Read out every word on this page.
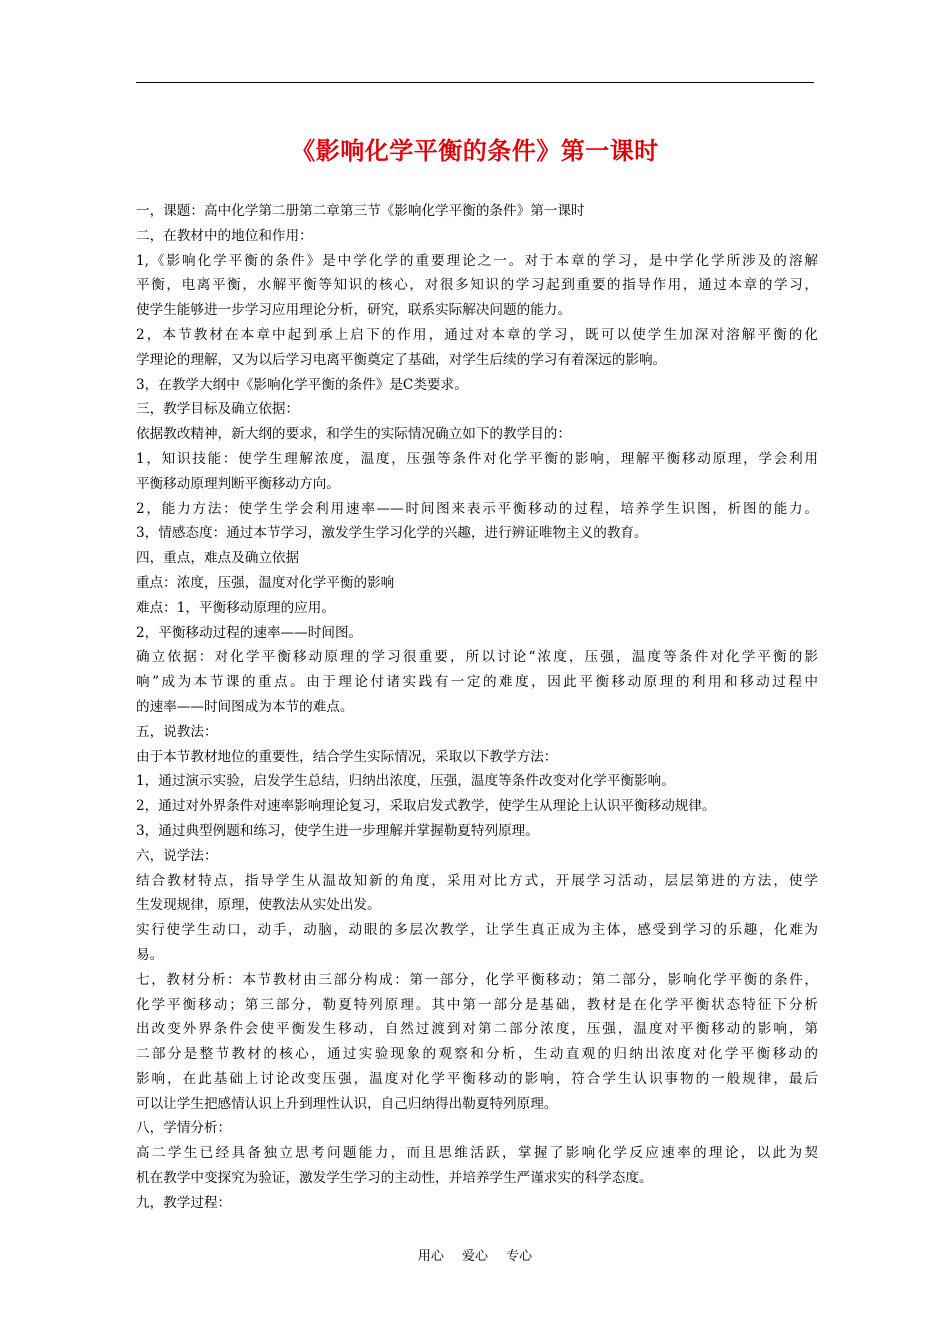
《影响化学平衡的条件》第一课时
一，课题：高中化学第二册第二章第三节《影响化学平衡的条件》第一课时
二，在教材中的地位和作用：
1,《影响化学平衡的条件》是中学化学的重要理论之一。对于本章的学习，是中学化学所涉及的溶解
平衡，电离平衡，水解平衡等知识的核心，对很多知识的学习起到重要的指导作用，通过本章的学习，
使学生能够进一步学习应用理论分析，研究，联系实际解决问题的能力。
2，本节教材在本章中起到承上启下的作用，通过对本章的学习，既可以使学生加深对溶解平衡的化
学理论的理解，又为以后学习电离平衡奠定了基础，对学生后续的学习有着深远的影响。
3，在教学大纲中《影响化学平衡的条件》是C类要求。
三，教学目标及确立依据：
依据教改精神，新大纲的要求，和学生的实际情况确立如下的教学目的：
1，知识技能：使学生理解浓度，温度，压强等条件对化学平衡的影响，理解平衡移动原理，学会利用
平衡移动原理判断平衡移动方向。
2，能力方法：使学生学会利用速率——时间图来表示平衡移动的过程，培养学生识图，析图的能力。
3，情感态度：通过本节学习，激发学生学习化学的兴趣，进行辨证唯物主义的教育。
四，重点，难点及确立依据
重点：浓度，压强，温度对化学平衡的影响
难点：1，平衡移动原理的应用。
2，平衡移动过程的速率——时间图。
确立依据：对化学平衡移动原理的学习很重要，所以讨论“浓度，压强，温度等条件对化学平衡的影
响”成为本节课的重点。由于理论付诸实践有一定的难度，因此平衡移动原理的利用和移动过程中
的速率——时间图成为本节的难点。
五，说教法：
由于本节教材地位的重要性，结合学生实际情况，采取以下教学方法：
1，通过演示实验，启发学生总结，归纳出浓度，压强，温度等条件改变对化学平衡影响。
2，通过对外界条件对速率影响理论复习，采取启发式教学，使学生从理论上认识平衡移动规律。
3，通过典型例题和练习，使学生进一步理解并掌握勒夏特列原理。
六，说学法：
结合教材特点，指导学生从温故知新的角度，采用对比方式，开展学习活动，层层第进的方法，使学
生发现规律，原理，使教法从实处出发。
实行使学生动口，动手，动脑，动眼的多层次教学，让学生真正成为主体，感受到学习的乐趣，化难为
易。
七，教材分析：本节教材由三部分构成：第一部分，化学平衡移动；第二部分，影响化学平衡的条件，
化学平衡移动；第三部分，勒夏特列原理。其中第一部分是基础，教材是在化学平衡状态特征下分析
出改变外界条件会使平衡发生移动，自然过渡到对第二部分浓度，压强，温度对平衡移动的影响，第
二部分是整节教材的核心，通过实验现象的观察和分析，生动直观的归纳出浓度对化学平衡移动的
影响，在此基础上讨论改变压强，温度对化学平衡移动的影响，符合学生认识事物的一般规律，最后
可以让学生把感情认识上升到理性认识，自己归纳得出勒夏特列原理。
八，学情分析：
高二学生已经具备独立思考问题能力，而且思维活跃，掌握了影响化学反应速率的理论，以此为契
机在教学中变探究为验证，激发学生学习的主动性，并培养学生严谨求实的科学态度。
九，教学过程：
用心 爱心 专心
